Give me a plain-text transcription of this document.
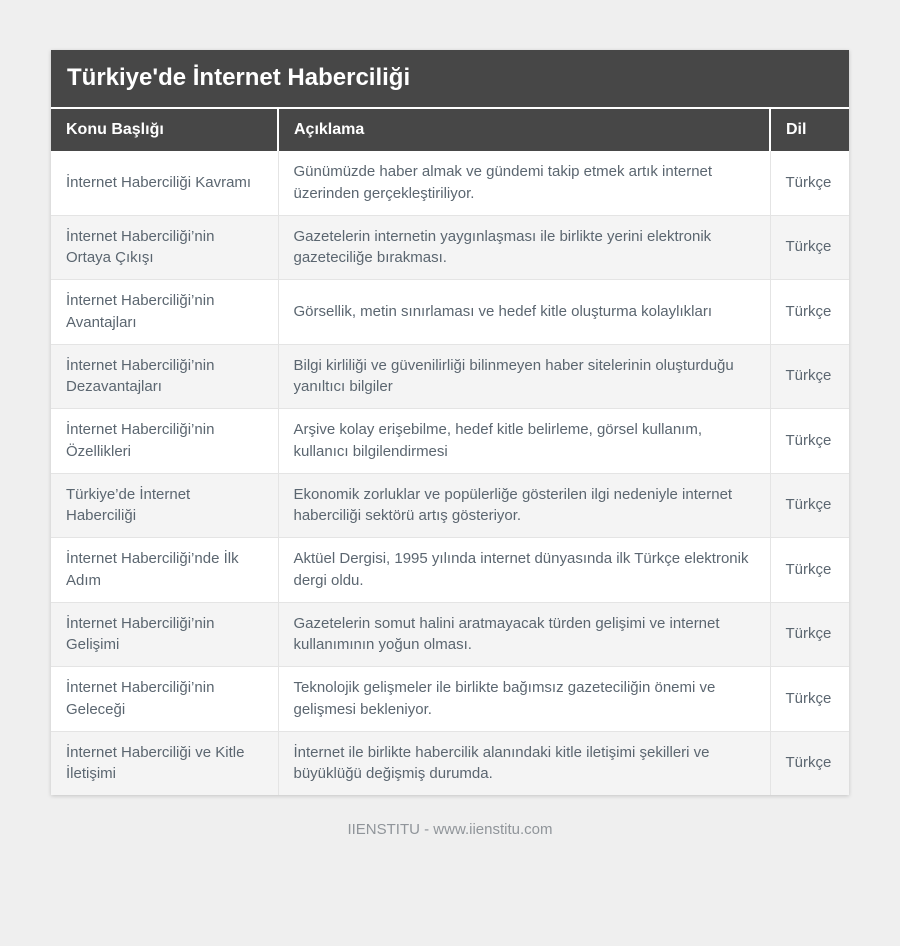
Türkiye'de İnternet Haberciliği
Konu Başlığı	Açıklama	Dil
İnternet Haberciliği Kavramı	Günümüzde haber almak ve gündemi takip etmek artık internet üzerinden gerçekleştiriliyor.	Türkçe
İnternet Haberciliği’nin Ortaya Çıkışı	Gazetelerin internetin yaygınlaşması ile birlikte yerini elektronik gazeteciliğe bırakması.	Türkçe
İnternet Haberciliği’nin Avantajları	Görsellik, metin sınırlaması ve hedef kitle oluşturma kolaylıkları	Türkçe
İnternet Haberciliği’nin Dezavantajları	Bilgi kirliliği ve güvenilirliği bilinmeyen haber sitelerinin oluşturduğu yanıltıcı bilgiler	Türkçe
İnternet Haberciliği’nin Özellikleri	Arşive kolay erişebilme, hedef kitle belirleme, görsel kullanım, kullanıcı bilgilendirmesi	Türkçe
Türkiye’de İnternet Haberciliği	Ekonomik zorluklar ve popülerliğe gösterilen ilgi nedeniyle internet haberciliği sektörü artış gösteriyor.	Türkçe
İnternet Haberciliği’nde İlk Adım	Aktüel Dergisi, 1995 yılında internet dünyasında ilk Türkçe elektronik dergi oldu.	Türkçe
İnternet Haberciliği’nin Gelişimi	Gazetelerin somut halini aratmayacak türden gelişimi ve internet kullanımının yoğun olması.	Türkçe
İnternet Haberciliği’nin Geleceği	Teknolojik gelişmeler ile birlikte bağımsız gazeteciliğin önemi ve gelişmesi bekleniyor.	Türkçe
İnternet Haberciliği ve Kitle İletişimi	İnternet ile birlikte habercilik alanındaki kitle iletişimi şekilleri ve büyüklüğü değişmiş durumda.	Türkçe
IIENSTITU - www.iienstitu.com
